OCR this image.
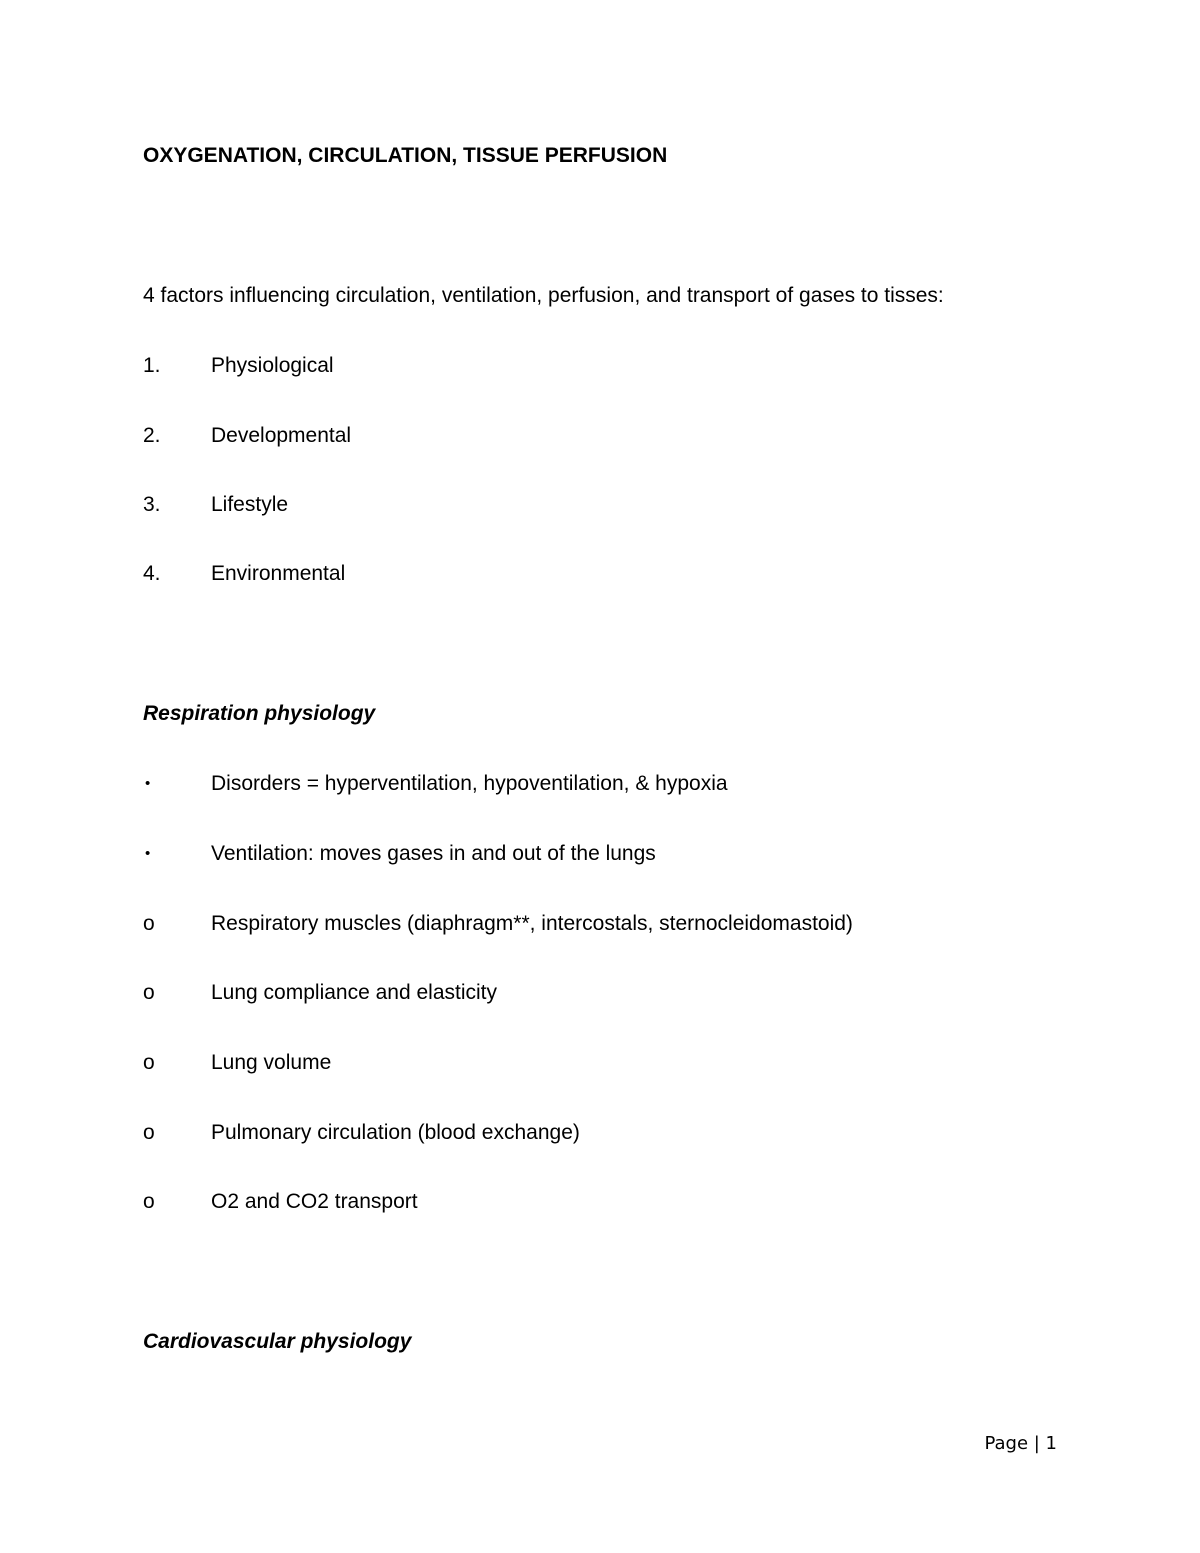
OXYGENATION, CIRCULATION, TISSUE PERFUSION
4 factors influencing circulation, ventilation, perfusion, and transport of gases to tisses:
1. Physiological
2. Developmental
3. Lifestyle
4. Environmental
Respiration physiology
•	Disorders = hyperventilation, hypoventilation, & hypoxia
•	Ventilation: moves gases in and out of the lungs
o	Respiratory muscles (diaphragm**, intercostals, sternocleidomastoid)
o	Lung compliance and elasticity
o	Lung volume
o	Pulmonary circulation (blood exchange)
o	O2 and CO2 transport
Cardiovascular physiology
Page | 1
